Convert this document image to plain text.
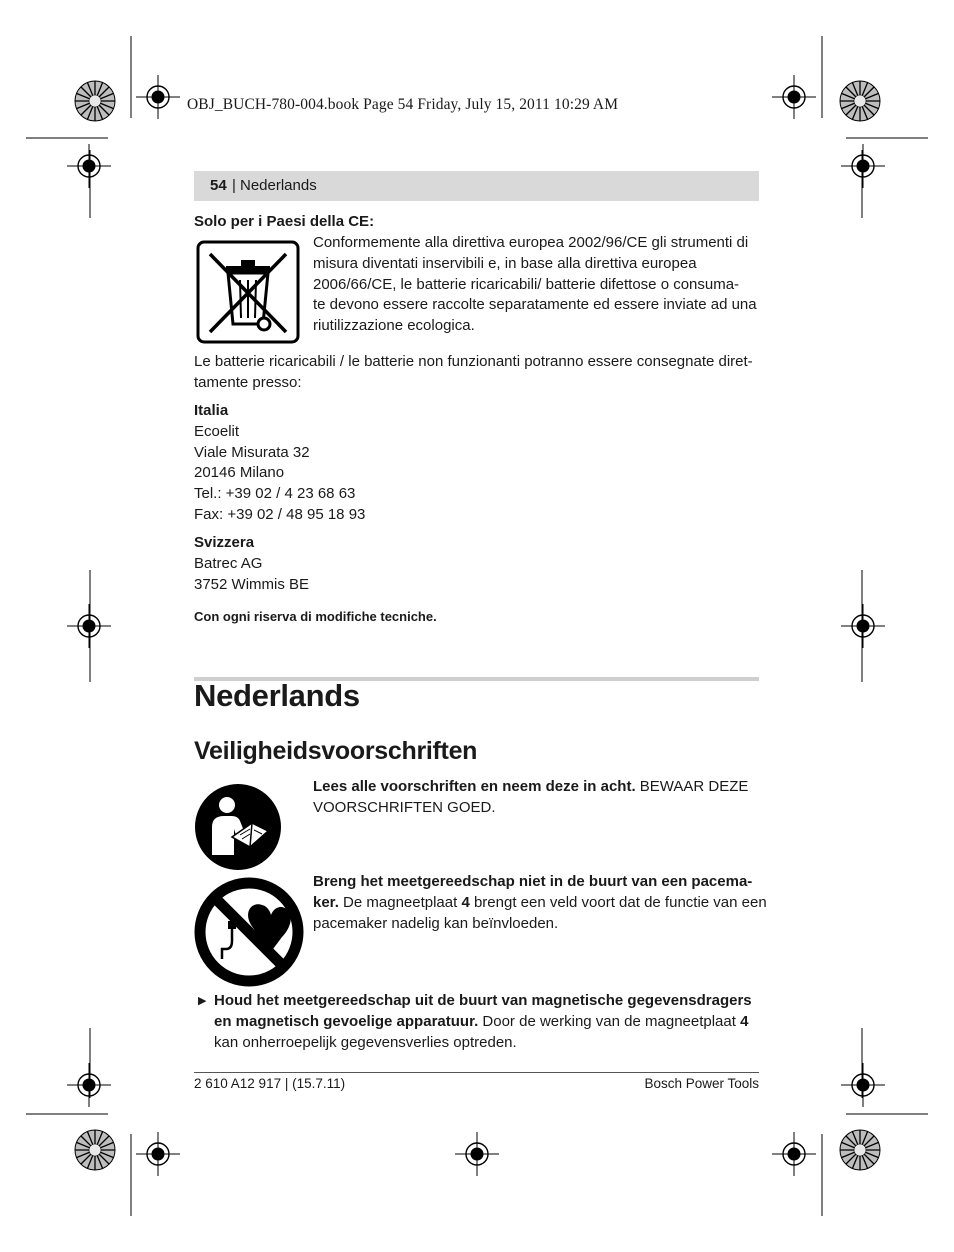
OBJ_BUCH-780-004.book Page 54 Friday, July 15, 2011 10:29 AM
54 | Nederlands
Solo per i Paesi della CE:
Conformemente alla direttiva europea 2002/96/CE gli strumenti di
misura diventati inservibili e, in base alla direttiva europea
2006/66/CE, le batterie ricaricabili/ batterie difettose o consuma-
te devono essere raccolte separatamente ed essere inviate ad una
riutilizzazione ecologica.
Le batterie ricaricabili / le batterie non funzionanti potranno essere consegnate diret-
tamente presso:
Italia
Ecoelit
Viale Misurata 32
20146 Milano
Tel.: +39 02 / 4 23 68 63
Fax: +39 02 / 48 95 18 93
Svizzera
Batrec AG
3752 Wimmis BE
Con ogni riserva di modifiche tecniche.
Nederlands
Veiligheidsvoorschriften
Lees alle voorschriften en neem deze in acht. BEWAAR DEZE
VOORSCHRIFTEN GOED.
Breng het meetgereedschap niet in de buurt van een pacema-
ker. De magneetplaat 4 brengt een veld voort dat de functie van een
pacemaker nadelig kan beïnvloeden.
▶ Houd het meetgereedschap uit de buurt van magnetische gegevensdragers
en magnetisch gevoelige apparatuur. Door de werking van de magneetplaat 4
kan onherroepelijk gegevensverlies optreden.
2 610 A12 917 | (15.7.11)	Bosch Power Tools
